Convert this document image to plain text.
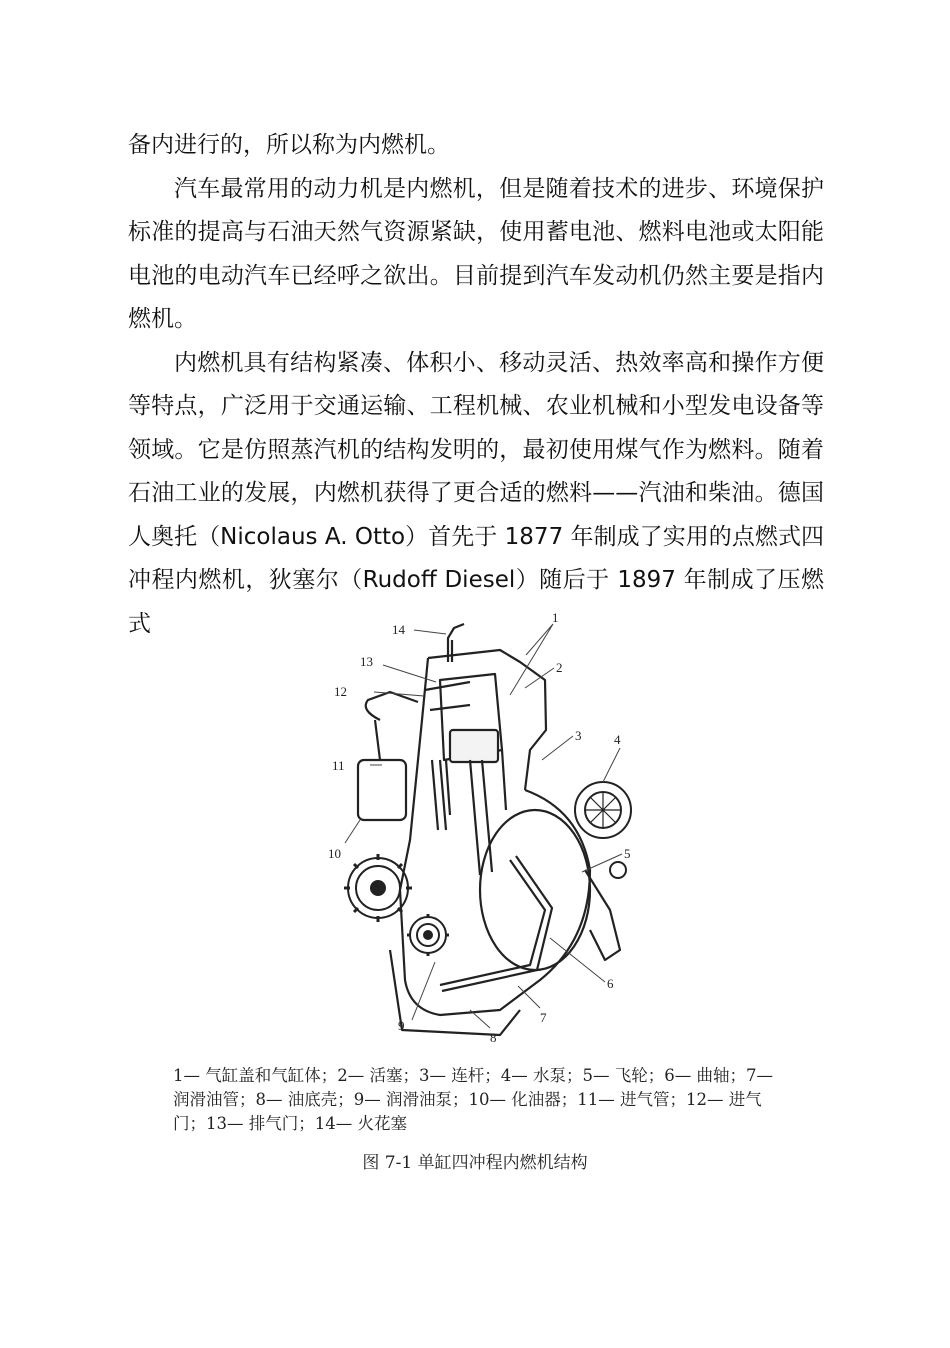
备内进行的，所以称为内燃机。

汽车最常用的动力机是内燃机，但是随着技术的进步、环境保护标准的提高与石油天然气资源紧缺，使用蓄电池、燃料电池或太阳能电池的电动汽车已经呼之欲出。目前提到汽车发动机仍然主要是指内燃机。

内燃机具有结构紧凑、体积小、移动灵活、热效率高和操作方便等特点，广泛用于交通运输、工程机械、农业机械和小型发电设备等领域。它是仿照蒸汽机的结构发明的，最初使用煤气作为燃料。随着石油工业的发展，内燃机获得了更合适的燃料——汽油和柴油。德国人奥托（Nicolaus A. Otto）首先于 1877 年制成了实用的点燃式四冲程内燃机，狄塞尔（Rudoff Diesel）随后于 1897 年制成了压燃式	1
2
3	4
5
6
7
8
9
10
11
12
13
14

1— 气缸盖和气缸体；2— 活塞；3— 连杆；4— 水泵；5— 飞轮；6— 曲轴；7— 润滑油管；8— 油底壳；9— 润滑油泵；10— 化油器；11— 进气管；12— 进气门；13— 排气门；14— 火花塞

图 7-1 单缸四冲程内燃机结构
